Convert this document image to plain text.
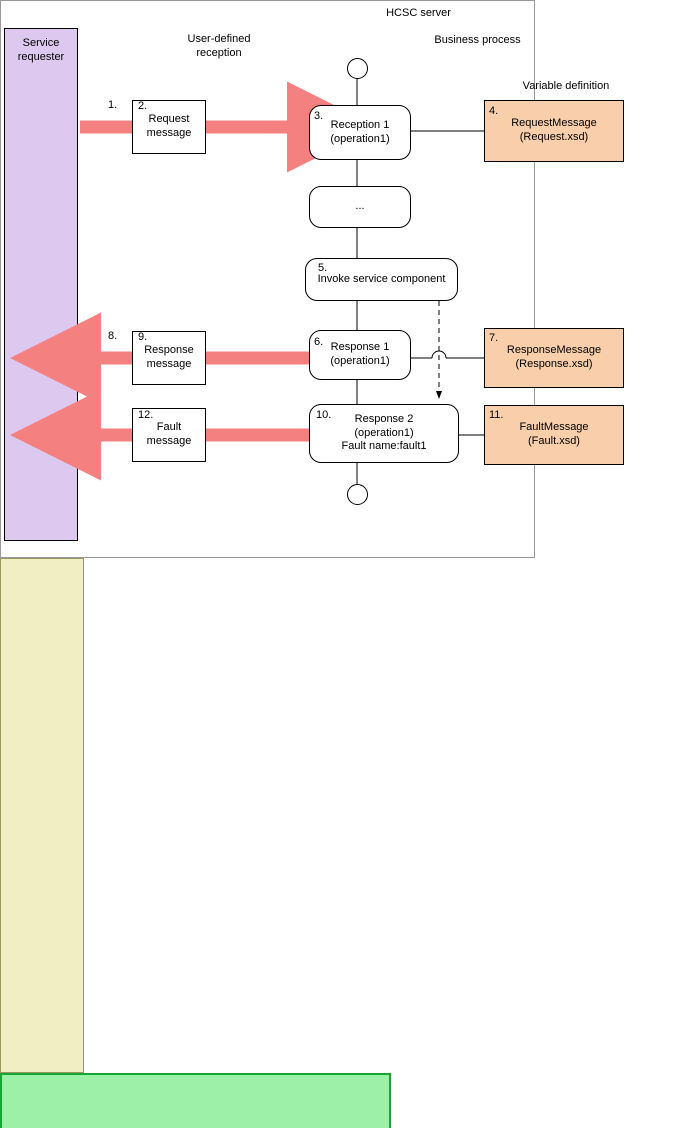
Service
requester
HCSC server
User-defined
reception
Business process
Variable definition
Request
message
1. 2.
Reception 1
(operation1)
3.
RequestMessage
(Request.xsd)
4.
...
Invoke service component
5.
Response 1
(operation1)
6.
ResponseMessage
(Response.xsd)
7.
Response
message
8. 9.
Response 2
(operation1)
Fault name:fault1
10.
FaultMessage
(Fault.xsd)
11.
Fault
message
12.
